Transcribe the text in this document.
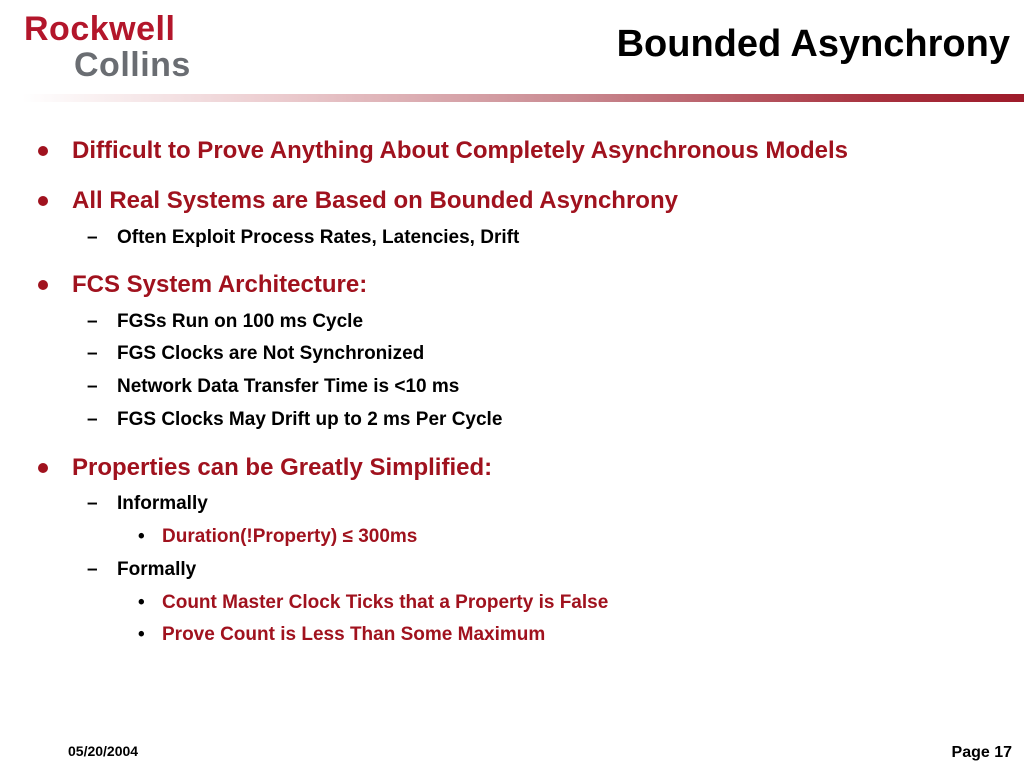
Rockwell
Collins	Bounded Asynchrony
Difficult to Prove Anything About Completely Asynchronous Models
All Real Systems are Based on Bounded Asynchrony
– Often Exploit Process Rates, Latencies, Drift
FCS System Architecture:
– FGSs Run on 100 ms Cycle
– FGS Clocks are Not Synchronized
– Network Data Transfer Time is <10 ms
– FGS Clocks May Drift up to 2 ms Per Cycle
Properties can be Greatly Simplified:
– Informally
• Duration(!Property) ≤ 300ms
– Formally
• Count Master Clock Ticks that a Property is False
• Prove Count is Less Than Some Maximum
05/20/2004	Page 17
